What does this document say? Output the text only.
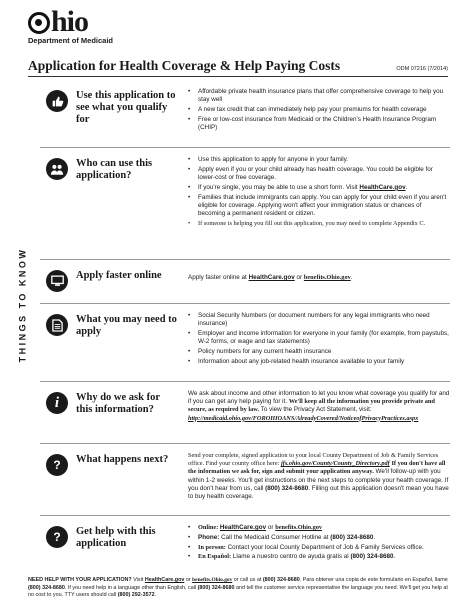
hio
Department of Medicaid
Application for Health Coverage & Help Paying Costs	ODM 07216 (7/2014)
THINGS TO KNOW
Use this application to see what you qualify for
• Affordable private health insurance plans that offer comprehensive coverage to help you stay well
• A new tax credit that can immediately help pay your premiums for health coverage
• Free or low-cost insurance from Medicaid or the Children's Health Insurance Program (CHIP)
Who can use this application?
• Use this application to apply for anyone in your family.
• Apply even if you or your child already has health coverage. You could be eligible for lower-cost or free coverage.
• If you're single, you may be able to use a short form. Visit HealthCare.gov.
• Families that include immigrants can apply. You can apply for your child even if you aren't eligible for coverage. Applying won't affect your immigration status or chances of becoming a permanent resident or citizen.
• If someone is helping you fill out this application, you may need to complete Appendix C.
Apply faster online	Apply faster online at HealthCare.gov or benefits.Ohio.gov.

What you may need to apply
• Social Security Numbers (or document numbers for any legal immigrants who need insurance)
• Employer and income information for everyone in your family (for example, from paystubs, W-2 forms, or wage and tax statements)
• Policy numbers for any current health insurance
• Information about any job-related health insurance available to your family
i	Why do we ask for this information?

We ask about income and other information to let you know what coverage you qualify for and if you can get any help paying for it. We'll keep all the information you provide private and secure, as required by law. To view the Privacy Act Statement, visit: http://medicaid.ohio.gov/FOROHIOANS/AlreadyCovered/NoticeofPrivacyPractices.aspx

?	What happens next?	Send your complete, signed application to your local County Department of Job & Family Services office. Find your county office here: jfs.ohio.gov/County/County_Directory.pdf If you don't have all the information we ask for, sign and submit your application anyway. We'll follow-up with you within 1-2 weeks. You'll get instructions on the next steps to complete your health coverage. If you don't hear from us, call (800) 324-8680. Filling out this application doesn't mean you have to buy health coverage.

?	Get help with this application
• Online: HealthCare.gov or benefits.Ohio.gov
• Phone: Call the Medicaid Consumer Hotline at (800) 324-8680.
• In person: Contact your local County Department of Job & Family Services office.
• En Español: Llame a nuestro centro de ayuda gratis al (800) 324-8680.
NEED HELP WITH YOUR APPLICATION? Visit HealthCare.gov or benefits.Ohio.gov or call us at (800) 324-8680. Para obtener una copia de este formulario en Español, llame (800) 324-8680. If you need help in a language other than English, call (800) 324-8680 and tell the customer service representative the language you need. We'll get you help at no cost to you. TTY users should call (800) 292-3572.
